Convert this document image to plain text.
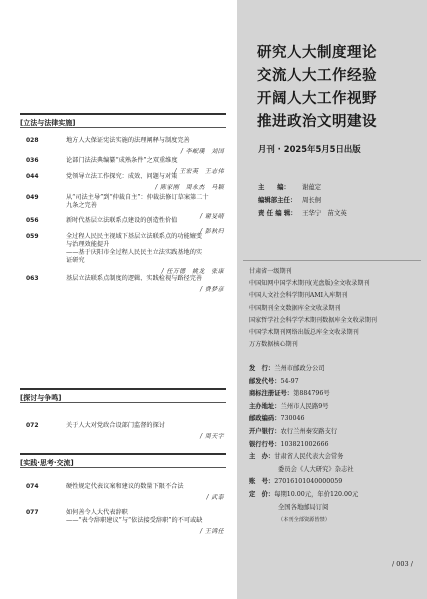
[立法与法律实施]
028	地方人大保证宪法实施的法理阐释与制度完善
/ 李岷璞　刘国
036	论部门法法典编纂“成熟条件”之双重维度
/ 王宏英　王志伟
044	党领导立法工作探究：成效、问题与对策
/ 陈家刚　周永杰　马颖
049	从“司法主导”到“仲裁自主”：仲裁法修订草案第二十
九条之完善
/ 谢旻晴
056	新时代基层立法联系点建设的创造性价值
/ 彭秋归
059	全过程人民民主视域下基层立法联系点的功能嬗变
与治理效能提升
——基于庆阳市全过程人民民主立法实践基地的实
证研究
/ 任万德　姚龙　张康
063	基层立法联系点制度的逻辑、实践检视与路径完善
/ 费梦彦
[探讨与争鸣]
072	关于人大对党政合设部门监督的探讨
/ 周天宇
[实践·思考·交流]
074	硬性规定代表议案和建议的数量下限不合法
/ 武泰
077	如何善令人大代表辞职
——“表令辞职建议”与“依法接受辞职”的不可或缺
/ 王鸿任
研究人大制度理论
交流人大工作经验
开阔人大工作视野
推进政治文明建设
月刊 · 2025年5月5日出版
主　　编： 谢蕴定
编辑部主任： 周长舸
责 任 编 辑： 王华宁　苗文英
甘肃省一级期刊
中国知网中国学术期刊(光盘版)全文收录期刊
中国人文社会科学期刊AMI入库期刊
中国期刊全文数据库全文收录期刊
国家哲学社会科学学术期刊数据库全文收录期刊
中国学术期刊网络出版总库全文收录期刊
万方数据核心期刊
发　行：兰州市邮政分公司
邮发代号：54-97
商标注册证号：第884796号
主办地址：兰州市人民路9号
邮政编码：730046
开户银行：农行兰州秦安路支行
银行行号：103821002666
主　办：甘肃省人民代表大会常务
委员会《人大研究》杂志社
账　号：27016101040000059
定　价：每期10.00元，年价120.00元
全国各地邮局订阅
（本刊全部资源皆禁）
/ 003 /
